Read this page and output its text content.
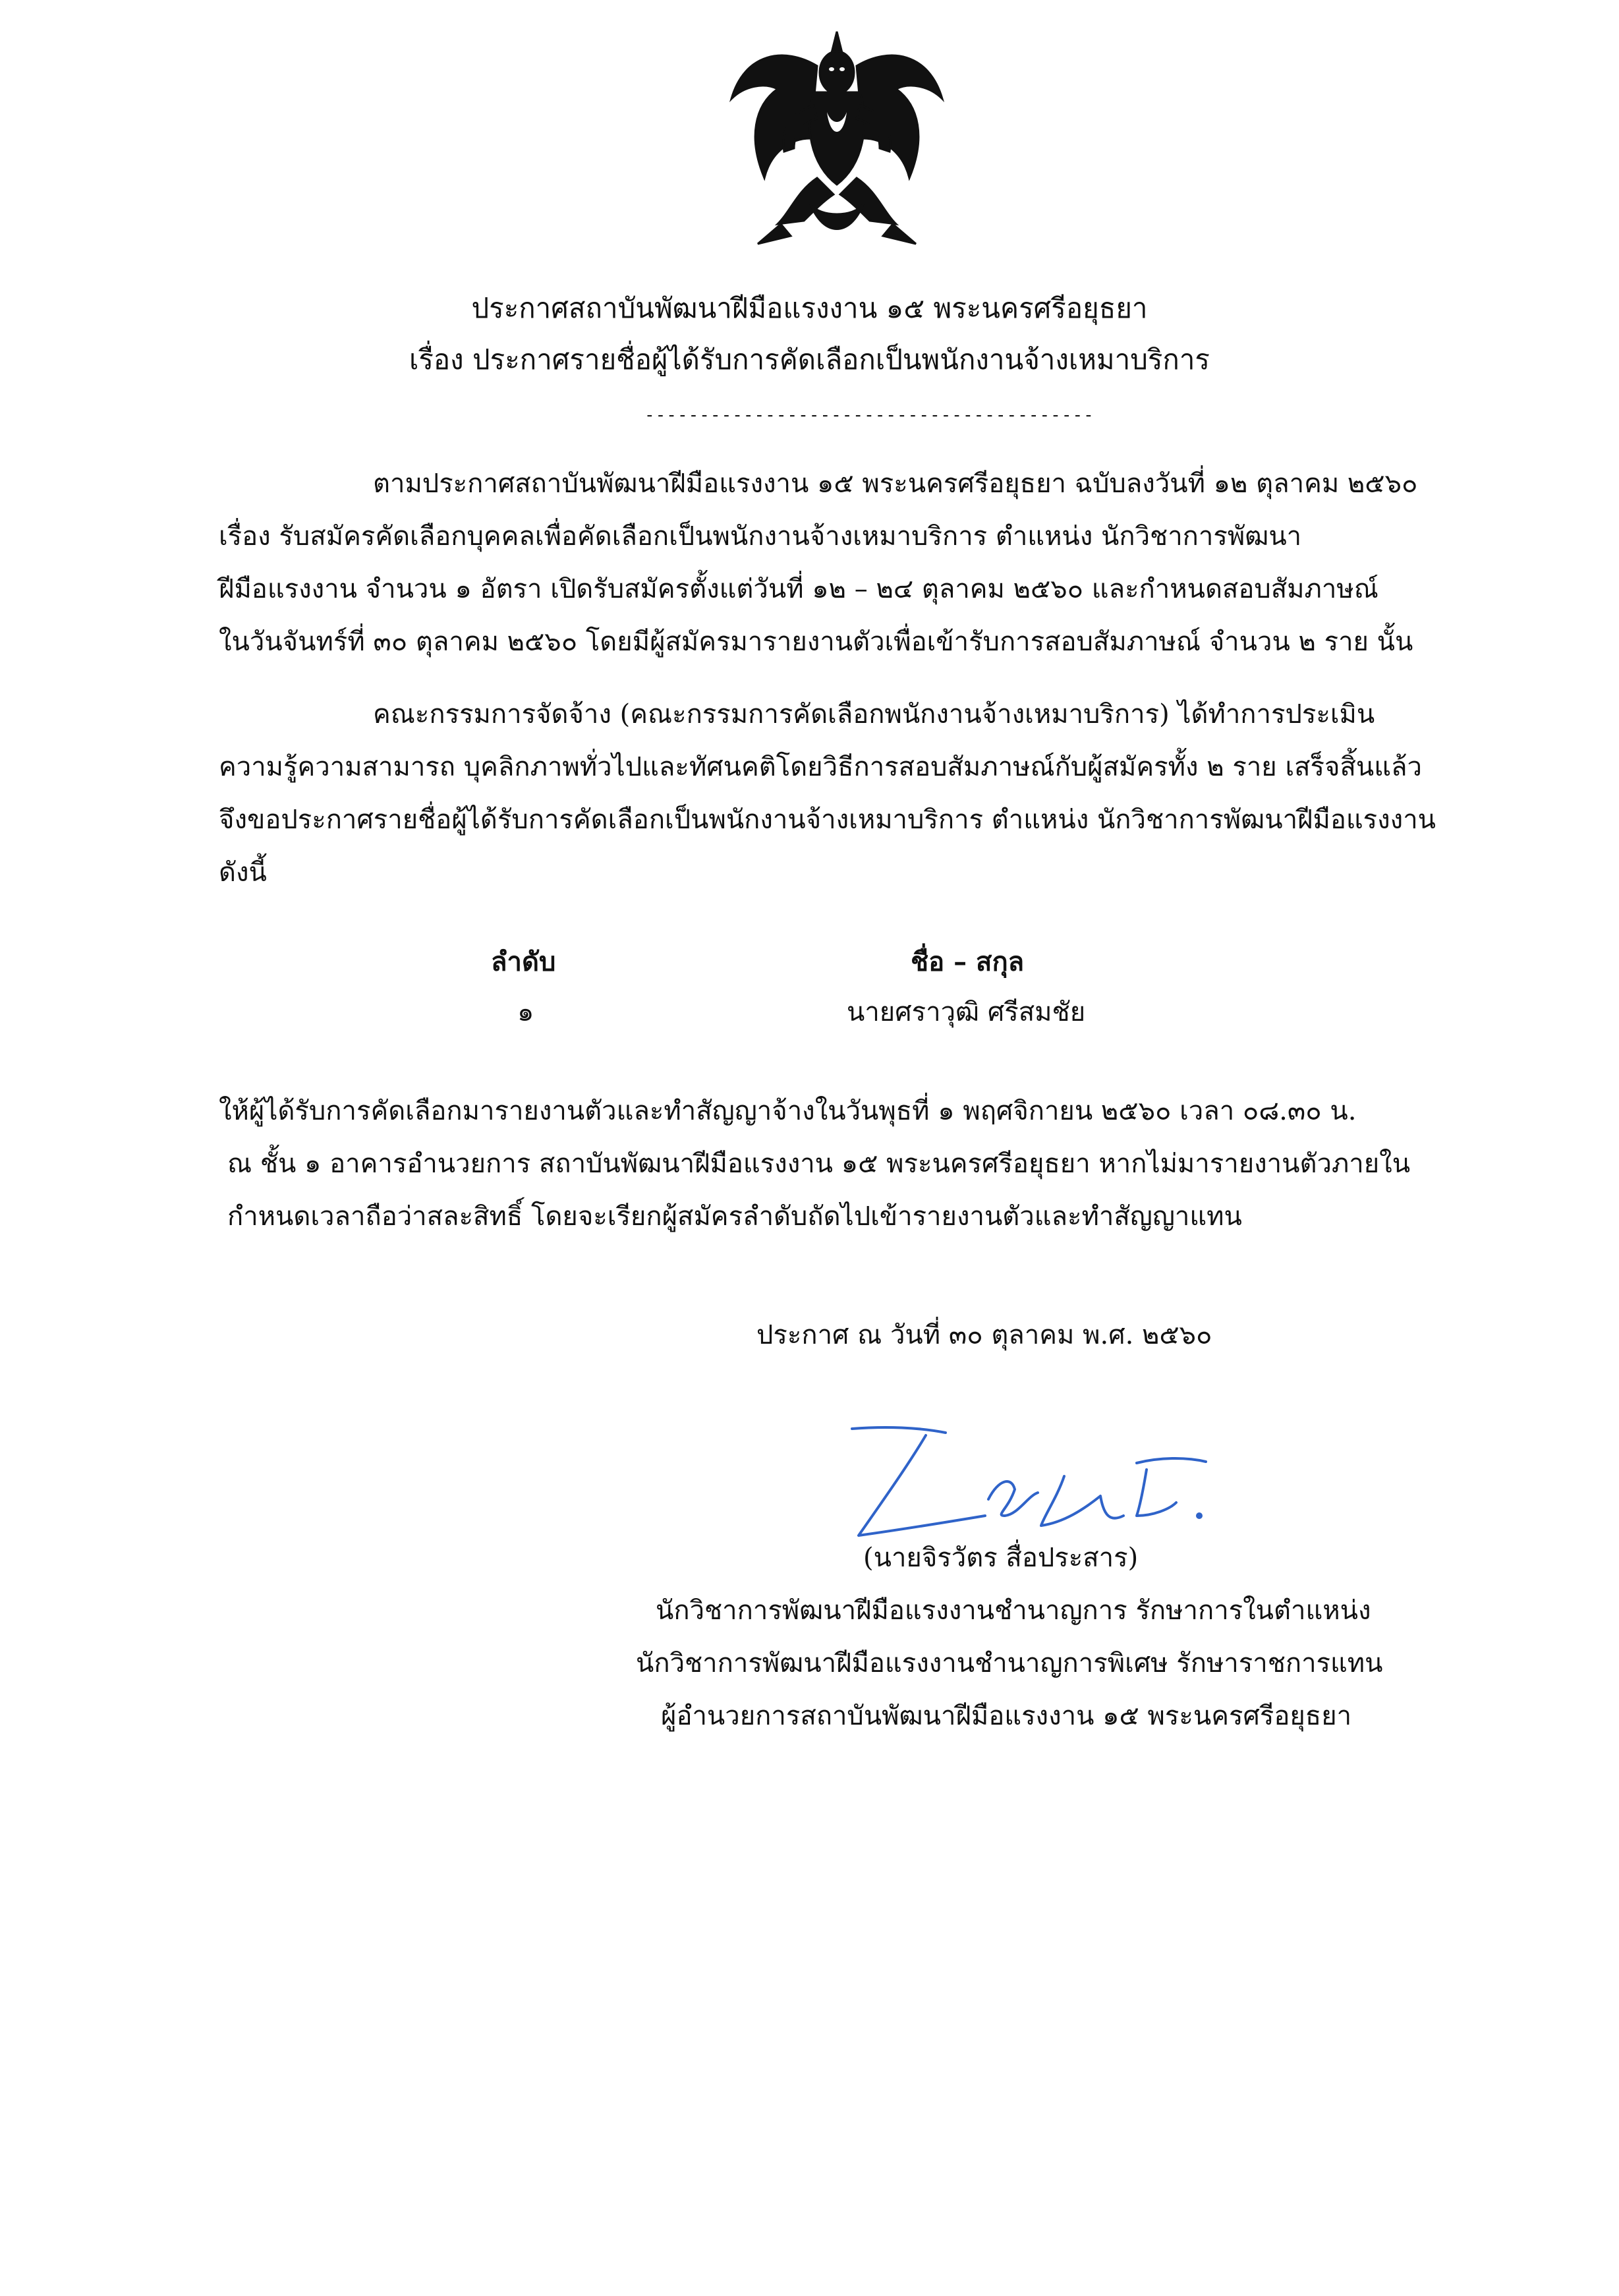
ประกาศสถาบันพัฒนาฝีมือแรงงาน ๑๕ พระนครศรีอยุธยา
เรื่อง ประกาศรายชื่อผู้ได้รับการคัดเลือกเป็นพนักงานจ้างเหมาบริการ
-----------------------------------------
ตามประกาศสถาบันพัฒนาฝีมือแรงงาน ๑๕ พระนครศรีอยุธยา ฉบับลงวันที่ ๑๒ ตุลาคม ๒๕๖๐
เรื่อง รับสมัครคัดเลือกบุคคลเพื่อคัดเลือกเป็นพนักงานจ้างเหมาบริการ ตำแหน่ง นักวิชาการพัฒนา
ฝีมือแรงงาน จำนวน ๑ อัตรา เปิดรับสมัครตั้งแต่วันที่ ๑๒ – ๒๔ ตุลาคม ๒๕๖๐ และกำหนดสอบสัมภาษณ์
ในวันจันทร์ที่ ๓๐ ตุลาคม ๒๕๖๐ โดยมีผู้สมัครมารายงานตัวเพื่อเข้ารับการสอบสัมภาษณ์ จำนวน ๒ ราย นั้น
คณะกรรมการจัดจ้าง (คณะกรรมการคัดเลือกพนักงานจ้างเหมาบริการ) ได้ทำการประเมิน
ความรู้ความสามารถ บุคลิกภาพทั่วไปและทัศนคติโดยวิธีการสอบสัมภาษณ์กับผู้สมัครทั้ง ๒ ราย เสร็จสิ้นแล้ว
จึงขอประกาศรายชื่อผู้ได้รับการคัดเลือกเป็นพนักงานจ้างเหมาบริการ ตำแหน่ง นักวิชาการพัฒนาฝีมือแรงงาน
ดังนี้
ลำดับ	ชื่อ – สกุล
๑	นายศราวุฒิ ศรีสมชัย
ให้ผู้ได้รับการคัดเลือกมารายงานตัวและทำสัญญาจ้างในวันพุธที่ ๑ พฤศจิกายน ๒๕๖๐ เวลา ๐๘.๓๐ น.
ณ ชั้น ๑ อาคารอำนวยการ สถาบันพัฒนาฝีมือแรงงาน ๑๕ พระนครศรีอยุธยา หากไม่มารายงานตัวภายใน
กำหนดเวลาถือว่าสละสิทธิ์ โดยจะเรียกผู้สมัครลำดับถัดไปเข้ารายงานตัวและทำสัญญาแทน
ประกาศ ณ วันที่ ๓๐ ตุลาคม พ.ศ. ๒๕๖๐
(นายจิรวัตร สื่อประสาร)
นักวิชาการพัฒนาฝีมือแรงงานชำนาญการ รักษาการในตำแหน่ง
นักวิชาการพัฒนาฝีมือแรงงานชำนาญการพิเศษ รักษาราชการแทน
ผู้อำนวยการสถาบันพัฒนาฝีมือแรงงาน ๑๕ พระนครศรีอยุธยา
